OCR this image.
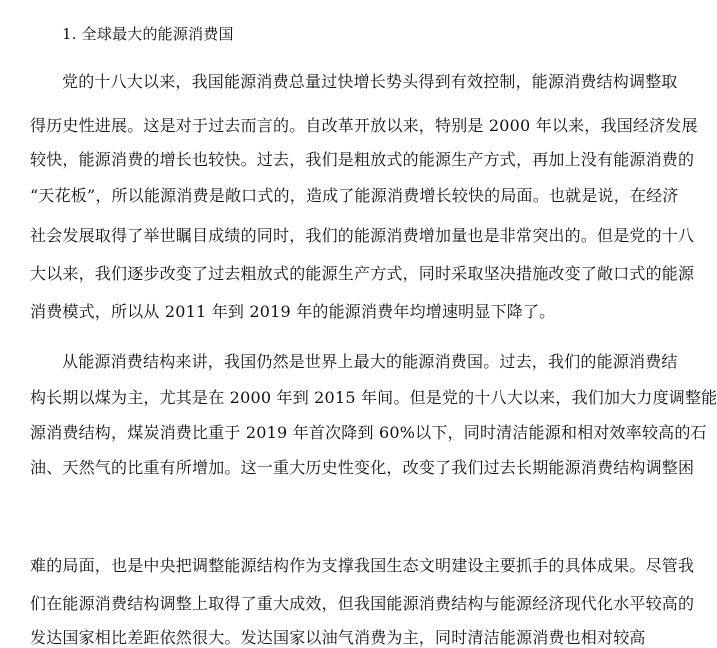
1. 全球最大的能源消费国
党的十八大以来，我国能源消费总量过快增长势头得到有效控制，能源消费结构调整取
得历史性进展。这是对于过去而言的。自改革开放以来，特别是 2000 年以来，我国经济发展
较快，能源消费的增长也较快。过去，我们是粗放式的能源生产方式，再加上没有能源消费的
“天花板”，所以能源消费是敞口式的，造成了能源消费增长较快的局面。也就是说，在经济
社会发展取得了举世瞩目成绩的同时，我们的能源消费增加量也是非常突出的。但是党的十八
大以来，我们逐步改变了过去粗放式的能源生产方式，同时采取坚决措施改变了敞口式的能源
消费模式，所以从 2011 年到 2019 年的能源消费年均增速明显下降了。
从能源消费结构来讲，我国仍然是世界上最大的能源消费国。过去，我们的能源消费结
构长期以煤为主，尤其是在 2000 年到 2015 年间。但是党的十八大以来，我们加大力度调整能
源消费结构，煤炭消费比重于 2019 年首次降到 60%以下，同时清洁能源和相对效率较高的石
油、天然气的比重有所增加。这一重大历史性变化，改变了我们过去长期能源消费结构调整困
难的局面，也是中央把调整能源结构作为支撑我国生态文明建设主要抓手的具体成果。尽管我
们在能源消费结构调整上取得了重大成效，但我国能源消费结构与能源经济现代化水平较高的
发达国家相比差距依然很大。发达国家以油气消费为主，同时清洁能源消费也相对较高
